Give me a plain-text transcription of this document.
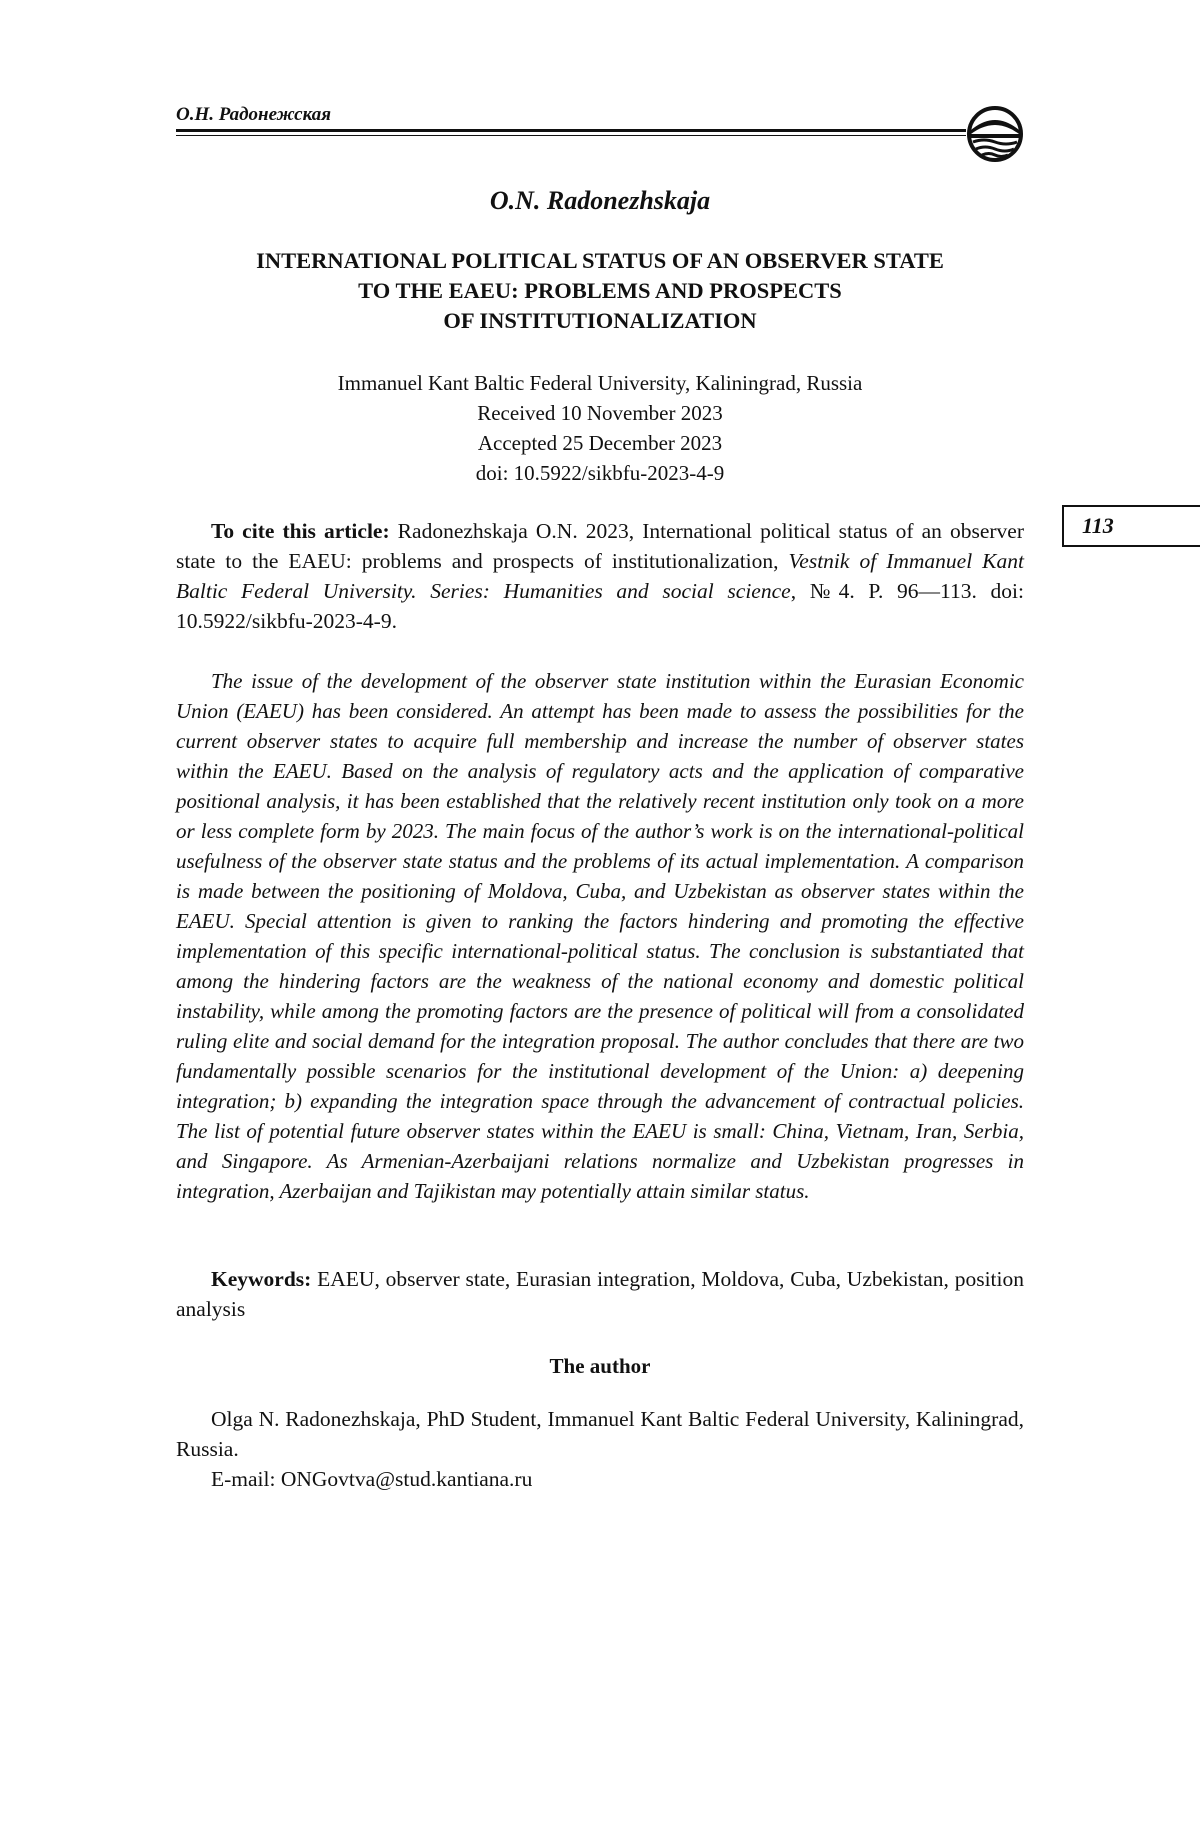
О.Н. Радонежская
O.N. Radonezhskaja
INTERNATIONAL POLITICAL STATUS OF AN OBSERVER STATE
TO THE EAEU: PROBLEMS AND PROSPECTS
OF INSTITUTIONALIZATION
Immanuel Kant Baltic Federal University, Kaliningrad, Russia
Received 10 November 2023
Accepted 25 December 2023
doi: 10.5922/sikbfu-2023-4-9
113
To cite this article: Radonezhskaja O.N. 2023, International political status of an observer state to the EAEU: problems and prospects of institutionalization, Vestnik of Immanuel Kant Baltic Federal University. Series: Humanities and social science, №4. P. 96—113. doi: 10.5922/sikbfu-2023-4-9.
The issue of the development of the observer state institution within the Eurasian Economic Union (EAEU) has been considered. An attempt has been made to assess the possibilities for the current observer states to acquire full membership and increase the number of observer states within the EAEU. Based on the analysis of regulatory acts and the application of comparative positional analysis, it has been established that the relatively recent institution only took on a more or less complete form by 2023. The main focus of the author’s work is on the international-political usefulness of the observer state status and the problems of its actual implementation. A comparison is made between the positioning of Moldova, Cuba, and Uzbekistan as observer states within the EAEU. Special attention is given to ranking the factors hindering and promoting the effective implementation of this specific international-political status. The conclusion is substantiated that among the hindering factors are the weakness of the national economy and domestic political instability, while among the promoting factors are the presence of political will from a consolidated ruling elite and social demand for the integration proposal. The author concludes that there are two fundamentally possible scenarios for the institutional development of the Union: a) deepening integration; b) expanding the integration space through the advancement of contractual policies. The list of potential future observer states within the EAEU is small: China, Vietnam, Iran, Serbia, and Singapore. As Armenian-Azerbaijani relations normalize and Uzbekistan progresses in integration, Azerbaijan and Tajikistan may potentially attain similar status.
Keywords: EAEU, observer state, Eurasian integration, Moldova, Cuba, Uzbekistan, position analysis
The author

Olga N. Radonezhskaja, PhD Student, Immanuel Kant Baltic Federal University, Kaliningrad, Russia.

E-mail: ONGovtva@stud.kantiana.ru
